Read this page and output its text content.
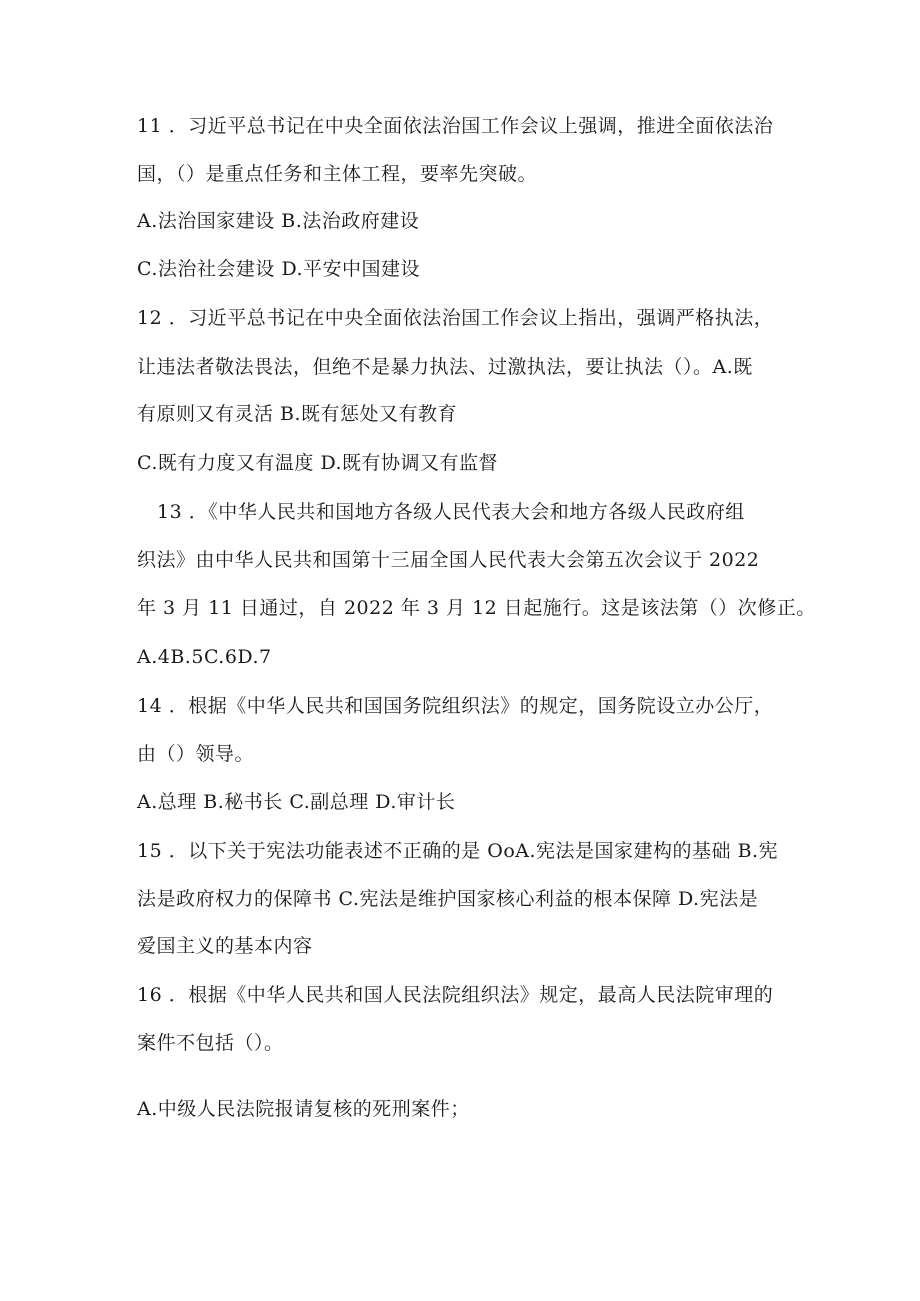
11 ．习近平总书记在中央全面依法治国工作会议上强调，推进全面依法治
国，（）是重点任务和主体工程，要率先突破。
A.法治国家建设 B.法治政府建设
C.法治社会建设 D.平安中国建设
12 ．习近平总书记在中央全面依法治国工作会议上指出，强调严格执法，
让违法者敬法畏法，但绝不是暴力执法、过激执法，要让执法（）。A.既
有原则又有灵活 B.既有惩处又有教育
C.既有力度又有温度 D.既有协调又有监督
13 ．《中华人民共和国地方各级人民代表大会和地方各级人民政府组
织法》由中华人民共和国第十三届全国人民代表大会第五次会议于 2022
年 3 月 11 日通过，自 2022 年 3 月 12 日起施行。这是该法第（）次修正。
A.4B.5C.6D.7
14 ．根据《中华人民共和国国务院组织法》的规定，国务院设立办公厅，
由（）领导。
A.总理 B.秘书长 C.副总理 D.审计长
15 ．以下关于宪法功能表述不正确的是 OoA.宪法是国家建构的基础 B.宪
法是政府权力的保障书 C.宪法是维护国家核心利益的根本保障 D.宪法是
爱国主义的基本内容
16 ．根据《中华人民共和国人民法院组织法》规定，最高人民法院审理的
案件不包括（）。
A.中级人民法院报请复核的死刑案件；
